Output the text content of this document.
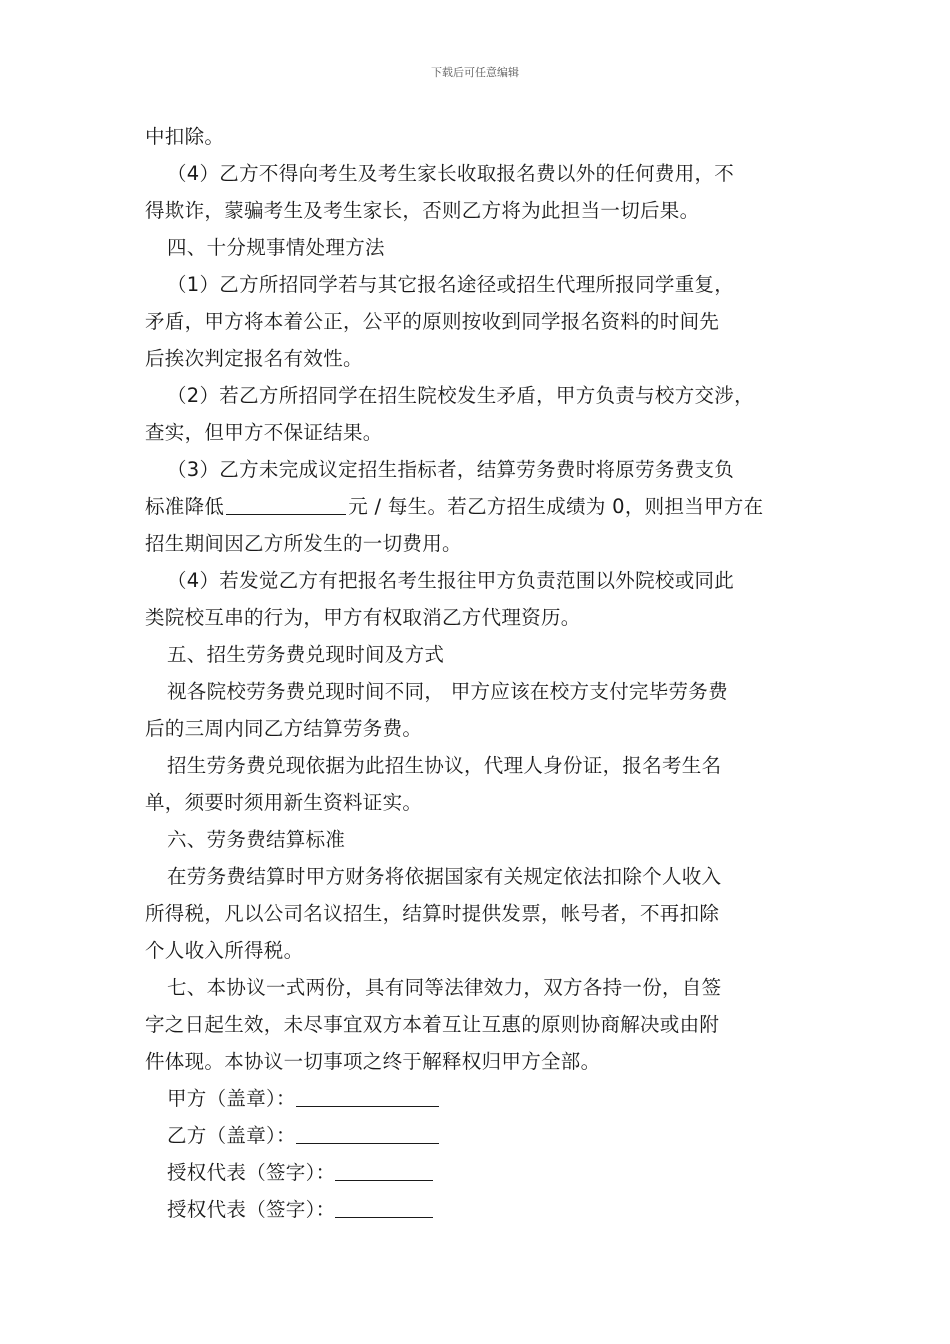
下载后可任意编辑
中扣除。
（4）乙方不得向考生及考生家长收取报名费以外的任何费用，不
得欺诈，蒙骗考生及考生家长，否则乙方将为此担当一切后果。
四、十分规事情处理方法
（1）乙方所招同学若与其它报名途径或招生代理所报同学重复，
矛盾，甲方将本着公正，公平的原则按收到同学报名资料的时间先
后挨次判定报名有效性。
（2）若乙方所招同学在招生院校发生矛盾，甲方负责与校方交涉，
查实，但甲方不保证结果。
（3）乙方未完成议定招生指标者，结算劳务费时将原劳务费支负
标准降低	元 / 每生。若乙方招生成绩为 0，则担当甲方在
招生期间因乙方所发生的一切费用。
（4）若发觉乙方有把报名考生报往甲方负责范围以外院校或同此
类院校互串的行为，甲方有权取消乙方代理资历。
五、招生劳务费兑现时间及方式
视各院校劳务费兑现时间不同， 甲方应该在校方支付完毕劳务费
后的三周内同乙方结算劳务费。
招生劳务费兑现依据为此招生协议，代理人身份证，报名考生名
单，须要时须用新生资料证实。
六、劳务费结算标准
在劳务费结算时甲方财务将依据国家有关规定依法扣除个人收入
所得税，凡以公司名议招生，结算时提供发票，帐号者，不再扣除
个人收入所得税。
七、本协议一式两份，具有同等法律效力，双方各持一份，自签
字之日起生效，未尽事宜双方本着互让互惠的原则协商解决或由附
件体现。本协议一切事项之终于解释权归甲方全部。
甲方（盖章）：
乙方（盖章）：
授权代表（签字）：
授权代表（签字）：
